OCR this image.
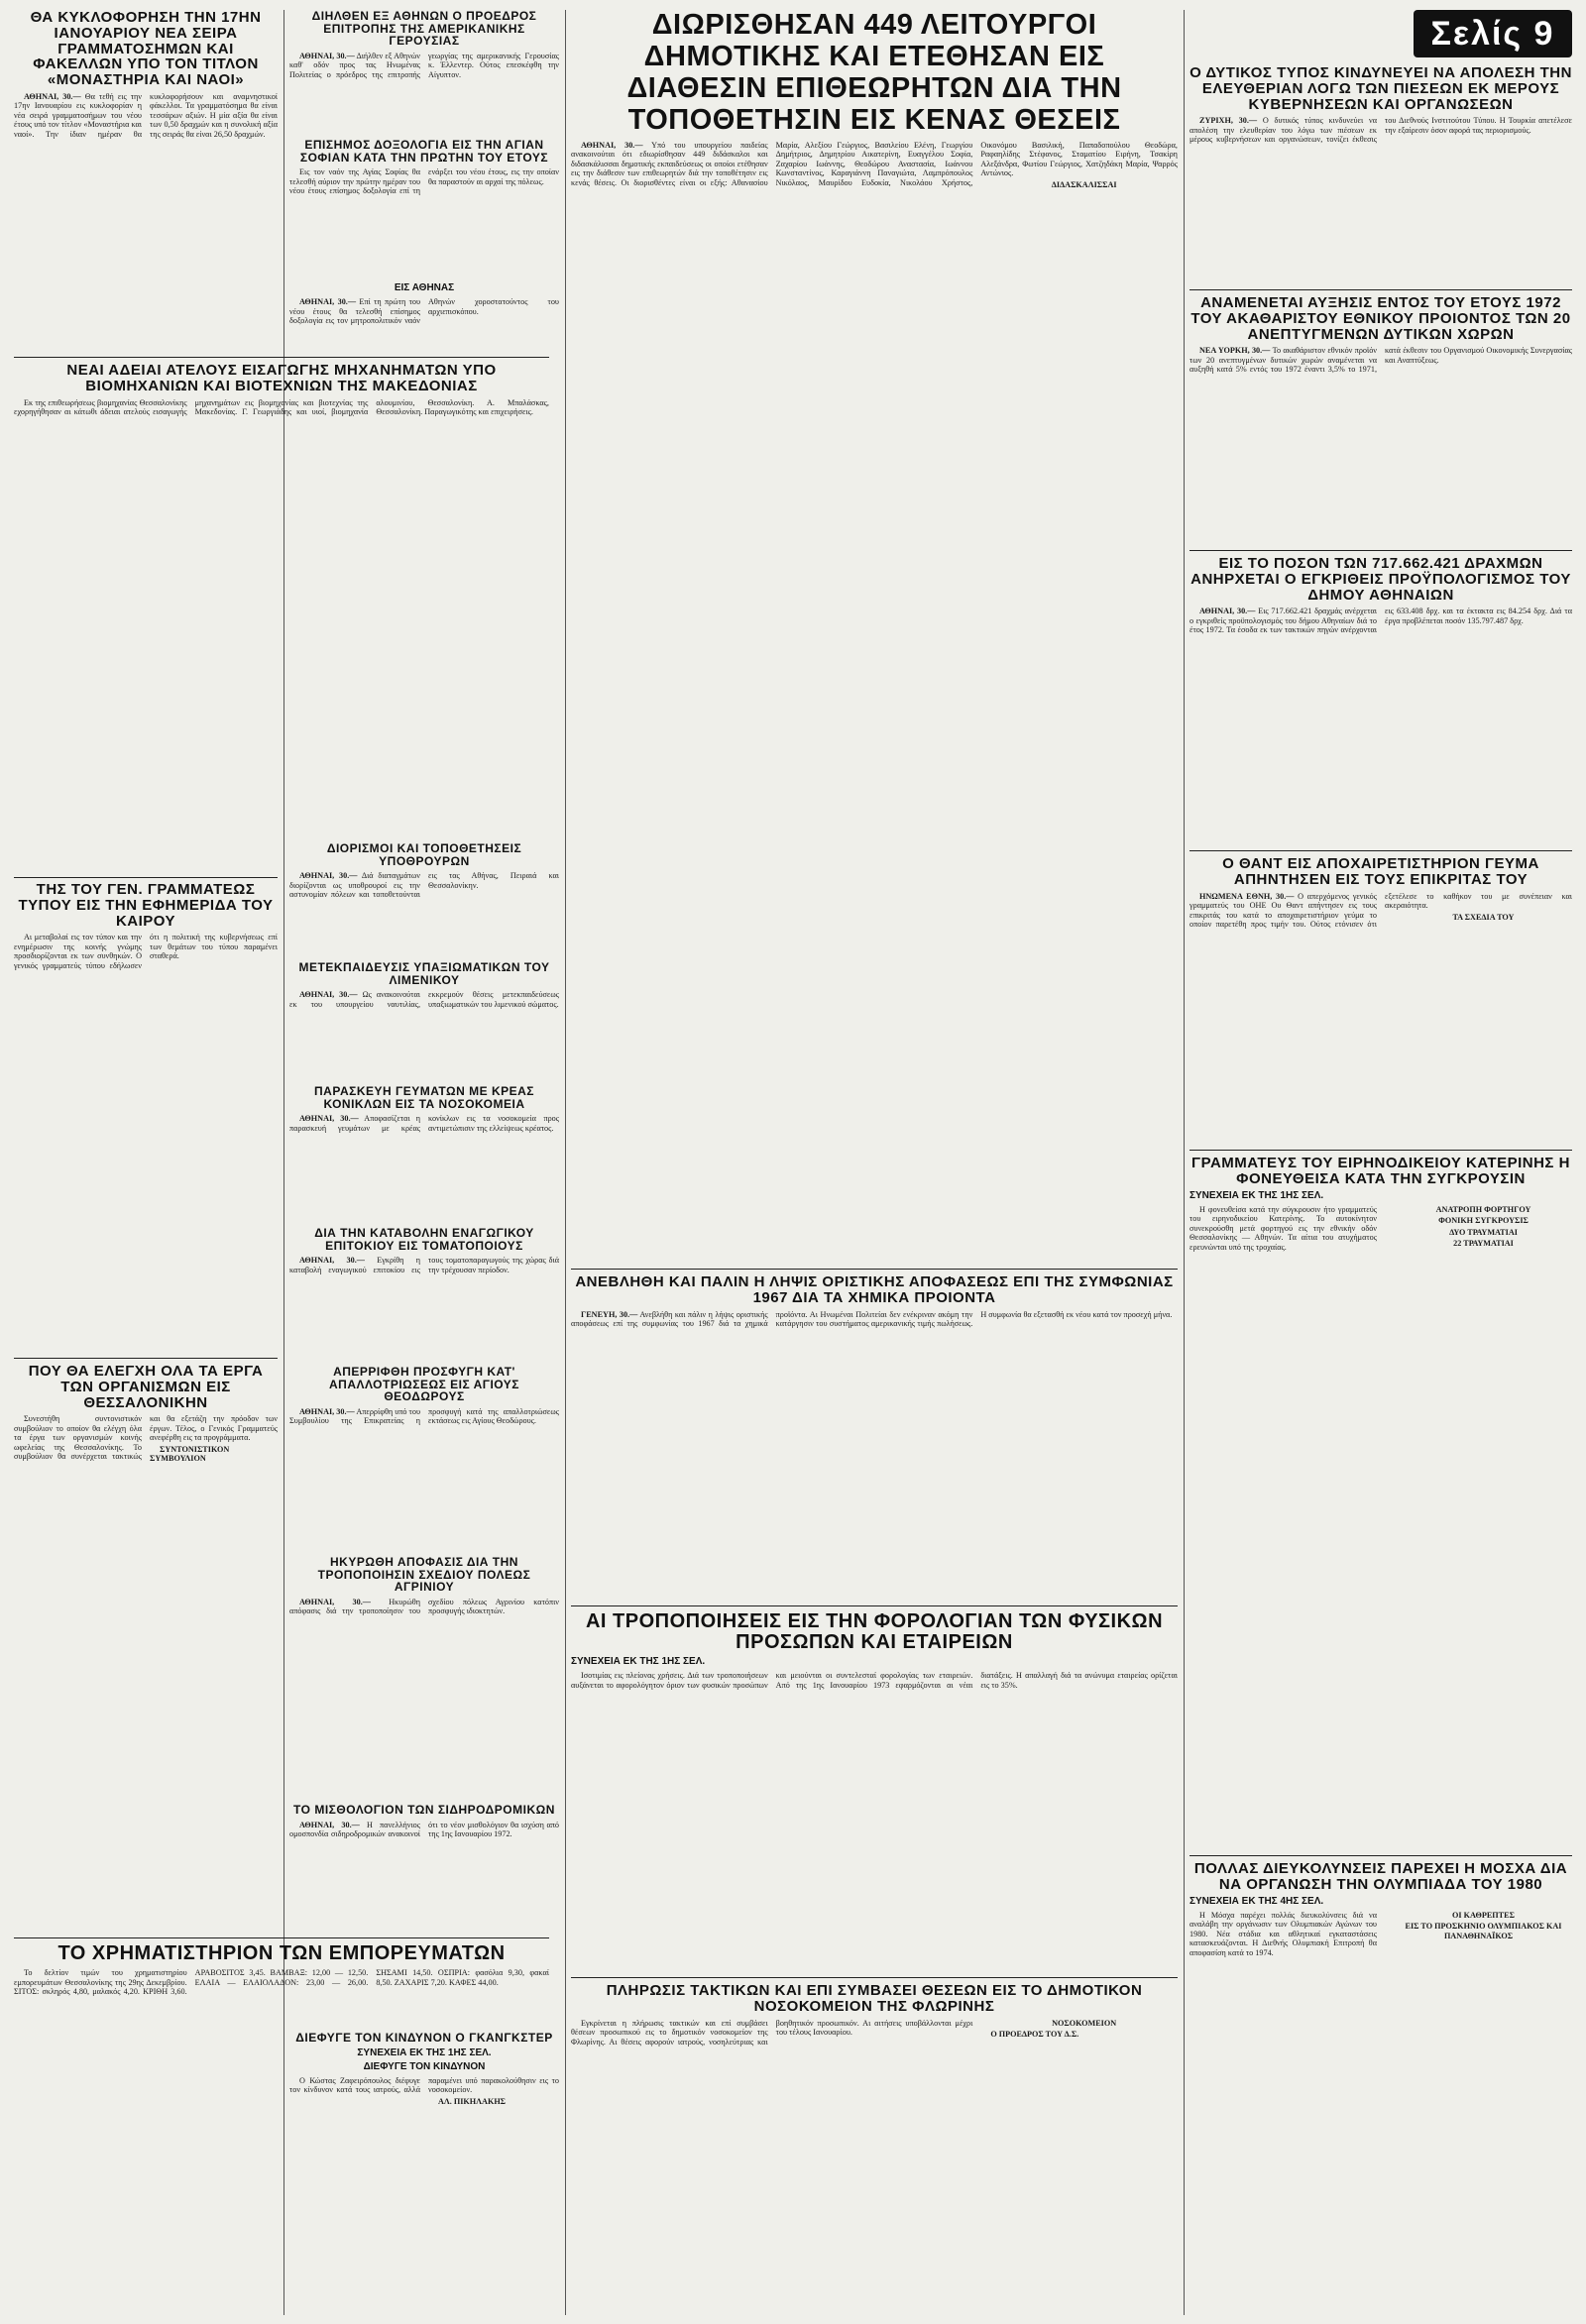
ΘΑ ΚΥΚΛΟΦΟΡΗΣΗ ΤΗΝ 17ΗΝ ΙΑΝΟΥΑΡΙΟΥ ΝΕΑ ΣΕΙΡΑ ΓΡΑΜΜΑΤΟΣΗΜΩΝ ΚΑΙ ΦΑΚΕΛΛΩΝ ΥΠΟ ΤΟΝ ΤΙΤΛΟΝ «ΜΟΝΑΣΤΗΡΙΑ ΚΑΙ ΝΑΟΙ»

ΑΘΗΝΑΙ, 30.— Θα τεθή εις την 17ην Ιανουαρίου εις κυκλοφορίαν η νέα σειρά γραμματοσήμων του νέου έτους υπό τον τίτλον «Μοναστήρια και ναοί». Την ίδιαν ημέραν θα κυκλοφορήσουν και αναμνηστικοί φάκελλοι. Τα γραμματόσημα θα είναι τεσσάρων αξιών. Η μία αξία θα είναι των 0,50 δραχμών και η συνολική αξία της σειράς θα είναι 26,50 δραχμών.

ΝΕΑΙ ΑΔΕΙΑΙ ΑΤΕΛΟΥΣ ΕΙΣΑΓΩΓΗΣ ΜΗΧΑΝΗΜΑΤΩΝ ΥΠΟ ΒΙΟΜΗΧΑΝΙΩΝ ΚΑΙ ΒΙΟΤΕΧΝΙΩΝ ΤΗΣ ΜΑΚΕΔΟΝΙΑΣ

Εκ της επιθεωρήσεως βιομηχανίας Θεσσαλονίκης εχορηγήθησαν αι κάτωθι άδειαι ατελούς εισαγωγής μηχανημάτων εις βιομηχανίας και βιοτεχνίας της Μακεδονίας. Γ. Γεωργιάδης και υιοί, βιομηχανία αλουμινίου, Θεσσαλονίκη. Α. Μπαλάσκας, Θεσσαλονίκη. Παραγωγικότης και επιχειρήσεις.

ΤΗΣ ΤΟΥ ΓΕΝ. ΓΡΑΜΜΑΤΕΩΣ ΤΥΠΟΥ ΕΙΣ ΤΗΝ ΕΦΗΜΕΡΙΔΑ ΤΟΥ ΚΑΙΡΟΥ

Αι μεταβολαί εις τον τύπον και την ενημέρωσιν της κοινής γνώμης προσδιορίζονται εκ των συνθηκών. Ο γενικός γραμματεύς τύπου εδήλωσεν ότι η πολιτική της κυβερνήσεως επί των θεμάτων του τύπου παραμένει σταθερά.

ΠΟΥ ΘΑ ΕΛΕΓΧΗ ΟΛΑ ΤΑ ΕΡΓΑ ΤΩΝ ΟΡΓΑΝΙΣΜΩΝ ΕΙΣ ΘΕΣΣΑΛΟΝΙΚΗΝ

Συνεστήθη συντονιστικόν συμβούλιον το οποίον θα ελέγχη όλα τα έργα των οργανισμών κοινής ωφελείας της Θεσσαλονίκης. Το συμβούλιον θα συνέρχεται τακτικώς και θα εξετάζη την πρόοδον των έργων. Τέλος, ο Γενικός Γραμματεύς ανεφέρθη εις τα προγράμματα.

ΣΥΝΤΟΝΙΣΤΙΚΟΝ ΣΥΜΒΟΥΛΙΟΝ

ΤΟ ΧΡΗΜΑΤΙΣΤΗΡΙΟΝ ΤΩΝ ΕΜΠΟΡΕΥΜΑΤΩΝ

Το δελτίον τιμών του χρηματιστηρίου εμπορευμάτων Θεσσαλονίκης της 29ης Δεκεμβρίου. ΣΙΤΟΣ: σκληρός 4,80, μαλακός 4,20. ΚΡΙΘΗ 3,60. ΑΡΑΒΟΣΙΤΟΣ 3,45. ΒΑΜΒΑΞ: 12,00 — 12,50. ΕΛΑΙΑ — ΕΛΑΙΟΛΑΔΟΝ: 23,00 — 26,00. ΣΗΣΑΜΙ 14,50. ΟΣΠΡΙΑ: φασόλια 9,30, φακαί 8,50. ΖΑΧΑΡΙΣ 7,20. ΚΑΦΕΣ 44,00.

ΔΙΗΛΘΕΝ ΕΞ ΑΘΗΝΩΝ Ο ΠΡΟΕΔΡΟΣ ΕΠΙΤΡΟΠΗΣ ΤΗΣ ΑΜΕΡΙΚΑΝΙΚΗΣ ΓΕΡΟΥΣΙΑΣ

ΑΘΗΝΑΙ, 30.— Διήλθεν εξ Αθηνών καθ' οδόν προς τας Ηνωμένας Πολιτείας ο πρόεδρος της επιτροπής γεωργίας της αμερικανικής Γερουσίας κ. Έλλεντερ. Ούτος επεσκέφθη την Αίγυπτον.

ΕΠΙΣΗΜΟΣ ΔΟΞΟΛΟΓΙΑ ΕΙΣ ΤΗΝ ΑΓΙΑΝ ΣΟΦΙΑΝ ΚΑΤΑ ΤΗΝ ΠΡΩΤΗΝ ΤΟΥ ΕΤΟΥΣ

Εις τον ναόν της Αγίας Σοφίας θα τελεσθή αύριον την πρώτην ημέραν του νέου έτους επίσημος δοξολογία επί τη ενάρξει του νέου έτους, εις την οποίαν θα παραστούν αι αρχαί της πόλεως.

ΕΙΣ ΑΘΗΝΑΣ

ΑΘΗΝΑΙ, 30.— Επί τη πρώτη του νέου έτους θα τελεσθή επίσημος δοξολογία εις τον μητροπολιτικόν ναόν Αθηνών χοροστατούντος του αρχιεπισκόπου.

ΔΙΟΡΙΣΜΟΙ ΚΑΙ ΤΟΠΟΘΕΤΗΣΕΙΣ ΥΠΟΘΡΟΥΡΩΝ

ΑΘΗΝΑΙ, 30.— Διά διαταγμάτων διορίζονται ως υποθρουροί εις την αστυνομίαν πόλεων και τοποθετούνται εις τας Αθήνας, Πειραιά και Θεσσαλονίκην.

ΜΕΤΕΚΠΑΙΔΕΥΣΙΣ ΥΠΑΞΙΩΜΑΤΙΚΩΝ ΤΟΥ ΛΙΜΕΝΙΚΟΥ

ΑΘΗΝΑΙ, 30.— Ως ανακοινούται εκ του υπουργείου ναυτιλίας, εκκρεμούν θέσεις μετεκπαιδεύσεως υπαξιωματικών του λιμενικού σώματος.

ΠΑΡΑΣΚΕΥΗ ΓΕΥΜΑΤΩΝ ΜΕ ΚΡΕΑΣ ΚΟΝΙΚΛΩΝ ΕΙΣ ΤΑ ΝΟΣΟΚΟΜΕΙΑ

ΑΘΗΝΑΙ, 30.— Αποφασίζεται η παρασκευή γευμάτων με κρέας κονίκλων εις τα νοσοκομεία προς αντιμετώπισιν της ελλείψεως κρέατος.

ΔΙΑ ΤΗΝ ΚΑΤΑΒΟΛΗΝ ΕΝΑΓΩΓΙΚΟΥ ΕΠΙΤΟΚΙΟΥ ΕΙΣ ΤΟΜΑΤΟΠΟΙΟΥΣ

ΑΘΗΝΑΙ, 30.— Εγκρίθη η καταβολή εναγωγικού επιτοκίου εις τους τοματοπαραγωγούς της χώρας διά την τρέχουσαν περίοδον.

ΑΠΕΡΡΙΦΘΗ ΠΡΟΣΦΥΓΗ ΚΑΤ' ΑΠΑΛΛΟΤΡΙΩΣΕΩΣ ΕΙΣ ΑΓΙΟΥΣ ΘΕΟΔΩΡΟΥΣ

ΑΘΗΝΑΙ, 30.— Απερρίφθη υπό του Συμβουλίου της Επικρατείας η προσφυγή κατά της απαλλοτριώσεως εκτάσεως εις Αγίους Θεοδώρους.

ΗΚΥΡΩΘΗ ΑΠΟΦΑΣΙΣ ΔΙΑ ΤΗΝ ΤΡΟΠΟΠΟΙΗΣΙΝ ΣΧΕΔΙΟΥ ΠΟΛΕΩΣ ΑΓΡΙΝΙΟΥ

ΑΘΗΝΑΙ, 30.— Ηκυρώθη απόφασις διά την τροποποίησιν του σχεδίου πόλεως Αγρινίου κατόπιν προσφυγής ιδιοκτητών.

ΤΟ ΜΙΣΘΟΛΟΓΙΟΝ ΤΩΝ ΣΙΔΗΡΟΔΡΟΜΙΚΩΝ

ΑΘΗΝΑΙ, 30.— Η πανελλήνιος ομοσπονδία σιδηροδρομικών ανακοινοί ότι το νέον μισθολόγιον θα ισχύση από της 1ης Ιανουαρίου 1972.

ΔΙΕΦΥΓΕ ΤΟΝ ΚΙΝΔΥΝΟΝ Ο ΓΚΑΝΓΚΣΤΕΡ
ΣΥΝΕΧΕΙΑ ΕΚ ΤΗΣ 1ΗΣ ΣΕΛ.
ΔΙΕΦΥΓΕ ΤΟΝ ΚΙΝΔΥΝΟΝ

Ο Κώστας Ζαφειρόπουλος διέφυγε τον κίνδυνον κατά τους ιατρούς, αλλά παραμένει υπό παρακολούθησιν εις το νοσοκομείον.

ΑΛ. ΠΙΚΗΛΑΚΗΣ

ΔΙΩΡΙΣΘΗΣΑΝ 449 ΛΕΙΤΟΥΡΓΟΙ ΔΗΜΟΤΙΚΗΣ ΚΑΙ ΕΤΕΘΗΣΑΝ ΕΙΣ ΔΙΑΘΕΣΙΝ ΕΠΙΘΕΩΡΗΤΩΝ ΔΙΑ ΤΗΝ ΤΟΠΟΘΕΤΗΣΙΝ ΕΙΣ ΚΕΝΑΣ ΘΕΣΕΙΣ

ΑΘΗΝΑΙ, 30.— Υπό του υπουργείου παιδείας ανακοινούται ότι εδιωρίσθησαν 449 διδάσκαλοι και διδασκάλισσαι δημοτικής εκπαιδεύσεως οι οποίοι ετέθησαν εις την διάθεσιν των επιθεωρητών διά την τοποθέτησιν εις κενάς θέσεις. Οι διορισθέντες είναι οι εξής: Αθανασίου Μαρία, Αλεξίου Γεώργιος, Βασιλείου Ελένη, Γεωργίου Δημήτριος, Δημητρίου Αικατερίνη, Ευαγγέλου Σοφία, Ζαχαρίου Ιωάννης, Θεοδώρου Αναστασία, Ιωάννου Κωνσταντίνος, Καραγιάννη Παναγιώτα, Λαμπρόπουλος Νικόλαος, Μαυρίδου Ευδοκία, Νικολάου Χρήστος, Οικονόμου Βασιλική, Παπαδοπούλου Θεοδώρα, Ραφαηλίδης Στέφανος, Σταματίου Ειρήνη, Τσακίρη Αλεξάνδρα, Φωτίου Γεώργιος, Χατζηδάκη Μαρία, Ψαρρός Αντώνιος.

ΔΙΔΑΣΚΑΛΙΣΣΑΙ

ΑΝΕΒΛΗΘΗ ΚΑΙ ΠΑΛΙΝ Η ΛΗΨΙΣ ΟΡΙΣΤΙΚΗΣ ΑΠΟΦΑΣΕΩΣ ΕΠΙ ΤΗΣ ΣΥΜΦΩΝΙΑΣ 1967 ΔΙΑ ΤΑ ΧΗΜΙΚΑ ΠΡΟΙΟΝΤΑ

ΓΕΝΕΥΗ, 30.— Ανεβλήθη και πάλιν η λήψις οριστικής αποφάσεως επί της συμφωνίας του 1967 διά τα χημικά προϊόντα. Αι Ηνωμέναι Πολιτείαι δεν ενέκριναν ακόμη την κατάργησιν του συστήματος αμερικανικής τιμής πωλήσεως. Η συμφωνία θα εξετασθή εκ νέου κατά τον προσεχή μήνα.

ΑΙ ΤΡΟΠΟΠΟΙΗΣΕΙΣ ΕΙΣ ΤΗΝ ΦΟΡΟΛΟΓΙΑΝ ΤΩΝ ΦΥΣΙΚΩΝ ΠΡΟΣΩΠΩΝ ΚΑΙ ΕΤΑΙΡΕΙΩΝ
ΣΥΝΕΧΕΙΑ ΕΚ ΤΗΣ 1ΗΣ ΣΕΛ.

Ισοτιμίας εις πλείονας χρήσεις. Διά των τροποποιήσεων αυξάνεται το αφορολόγητον όριον των φυσικών προσώπων και μειούνται οι συντελεσταί φορολογίας των εταιρειών. Από της 1ης Ιανουαρίου 1973 εφαρμόζονται αι νέαι διατάξεις. Η απαλλαγή διά τα ανώνυμα εταιρείας ορίζεται εις το 35%.

ΠΛΗΡΩΣΙΣ ΤΑΚΤΙΚΩΝ ΚΑΙ ΕΠΙ ΣΥΜΒΑΣΕΙ ΘΕΣΕΩΝ ΕΙΣ ΤΟ ΔΗΜΟΤΙΚΟΝ ΝΟΣΟΚΟΜΕΙΟΝ ΤΗΣ ΦΛΩΡΙΝΗΣ

Εγκρίνεται η πλήρωσις τακτικών και επί συμβάσει θέσεων προσωπικού εις το δημοτικόν νοσοκομείον της Φλωρίνης. Αι θέσεις αφορούν ιατρούς, νοσηλεύτριας και βοηθητικόν προσωπικόν. Αι αιτήσεις υποβάλλονται μέχρι του τέλους Ιανουαρίου.

ΝΟΣΟΚΟΜΕΙΟΝ

Ο ΠΡΟΕΔΡΟΣ ΤΟΥ Δ.Σ.

Σελίς 9
Ο ΔΥΤΙΚΟΣ ΤΥΠΟΣ ΚΙΝΔΥΝΕΥΕΙ ΝΑ ΑΠΟΛΕΣΗ ΤΗΝ ΕΛΕΥΘΕΡΙΑΝ ΛΟΓΩ ΤΩΝ ΠΙΕΣΕΩΝ ΕΚ ΜΕΡΟΥΣ ΚΥΒΕΡΝΗΣΕΩΝ ΚΑΙ ΟΡΓΑΝΩΣΕΩΝ

ΖΥΡΙΧΗ, 30.— Ο δυτικός τύπος κινδυνεύει να απολέση την ελευθερίαν του λόγω των πιέσεων εκ μέρους κυβερνήσεων και οργανώσεων, τονίζει έκθεσις του Διεθνούς Ινστιτούτου Τύπου. Η Τουρκία απετέλεσε την εξαίρεσιν όσον αφορά τας περιορισμούς.

ΑΝΑΜΕΝΕΤΑΙ ΑΥΞΗΣΙΣ ΕΝΤΟΣ ΤΟΥ ΕΤΟΥΣ 1972 ΤΟΥ ΑΚΑΘΑΡΙΣΤΟΥ ΕΘΝΙΚΟΥ ΠΡΟΙΟΝΤΟΣ ΤΩΝ 20 ΑΝΕΠΤΥΓΜΕΝΩΝ ΔΥΤΙΚΩΝ ΧΩΡΩΝ

ΝΕΑ ΥΟΡΚΗ, 30.— Το ακαθάριστον εθνικόν προϊόν των 20 ανεπτυγμένων δυτικών χωρών αναμένεται να αυξηθή κατά 5% εντός του 1972 έναντι 3,5% το 1971, κατά έκθεσιν του Οργανισμού Οικονομικής Συνεργασίας και Αναπτύξεως.

ΕΙΣ ΤΟ ΠΟΣΟΝ ΤΩΝ 717.662.421 ΔΡΑΧΜΩΝ ΑΝΗΡΧΕΤΑΙ Ο ΕΓΚΡΙΘΕΙΣ ΠΡΟΫΠΟΛΟΓΙΣΜΟΣ ΤΟΥ ΔΗΜΟΥ ΑΘΗΝΑΙΩΝ

ΑΘΗΝΑΙ, 30.— Εις 717.662.421 δραχμάς ανέρχεται ο εγκριθείς προϋπολογισμός του δήμου Αθηναίων διά το έτος 1972. Τα έσοδα εκ των τακτικών πηγών ανέρχονται εις 633.408 δρχ. και τα έκτακτα εις 84.254 δρχ. Διά τα έργα προβλέπεται ποσόν 135.797.487 δρχ.

Ο ΘΑΝΤ ΕΙΣ ΑΠΟΧΑΙΡΕΤΙΣΤΗΡΙΟΝ ΓΕΥΜΑ ΑΠΗΝΤΗΣΕΝ ΕΙΣ ΤΟΥΣ ΕΠΙΚΡΙΤΑΣ ΤΟΥ

ΗΝΩΜΕΝΑ ΕΘΝΗ, 30.— Ο απερχόμενος γενικός γραμματεύς του ΟΗΕ Ου Θαντ απήντησεν εις τους επικριτάς του κατά το αποχαιρετιστήριον γεύμα το οποίον παρετέθη προς τιμήν του. Ούτος ετόνισεν ότι εξετέλεσε το καθήκον του με συνέπειαν και ακεραιότητα.

ΤΑ ΣΧΕΔΙΑ ΤΟΥ

ΓΡΑΜΜΑΤΕΥΣ ΤΟΥ ΕΙΡΗΝΟΔΙΚΕΙΟΥ ΚΑΤΕΡΙΝΗΣ Η ΦΟΝΕΥΘΕΙΣΑ ΚΑΤΑ ΤΗΝ ΣΥΓΚΡΟΥΣΙΝ
ΣΥΝΕΧΕΙΑ ΕΚ ΤΗΣ 1ΗΣ ΣΕΛ.

Η φονευθείσα κατά την σύγκρουσιν ήτο γραμματεύς του ειρηνοδικείου Κατερίνης. Το αυτοκίνητον συνεκρούσθη μετά φορτηγού εις την εθνικήν οδόν Θεσσαλονίκης — Αθηνών. Τα αίτια του ατυχήματος ερευνώνται υπό της τροχαίας.

ΑΝΑΤΡΟΠΗ ΦΟΡΤΗΓΟΥ

ΦΟΝΙΚΗ ΣΥΓΚΡΟΥΣΙΣ

ΔΥΟ ΤΡΑΥΜΑΤΙΑΙ

22 ΤΡΑΥΜΑΤΙΑΙ

ΠΟΛΛΑΣ ΔΙΕΥΚΟΛΥΝΣΕΙΣ ΠΑΡΕΧΕΙ Η ΜΟΣΧΑ ΔΙΑ ΝΑ ΟΡΓΑΝΩΣΗ ΤΗΝ ΟΛΥΜΠΙΑΔΑ ΤΟΥ 1980
ΣΥΝΕΧΕΙΑ ΕΚ ΤΗΣ 4ΗΣ ΣΕΛ.

Η Μόσχα παρέχει πολλάς διευκολύνσεις διά να αναλάβη την οργάνωσιν των Ολυμπιακών Αγώνων του 1980. Νέα στάδια και αθλητικαί εγκαταστάσεις κατασκευάζονται. Η Διεθνής Ολυμπιακή Επιτροπή θα αποφασίση κατά το 1974.

ΟΙ ΚΑΘΡΕΠΤΕΣ

ΕΙΣ ΤΟ ΠΡΟΣΚΗΝΙΟ ΟΛΥΜΠΙΑΚΟΣ ΚΑΙ ΠΑΝΑΘΗΝΑΪΚΟΣ
